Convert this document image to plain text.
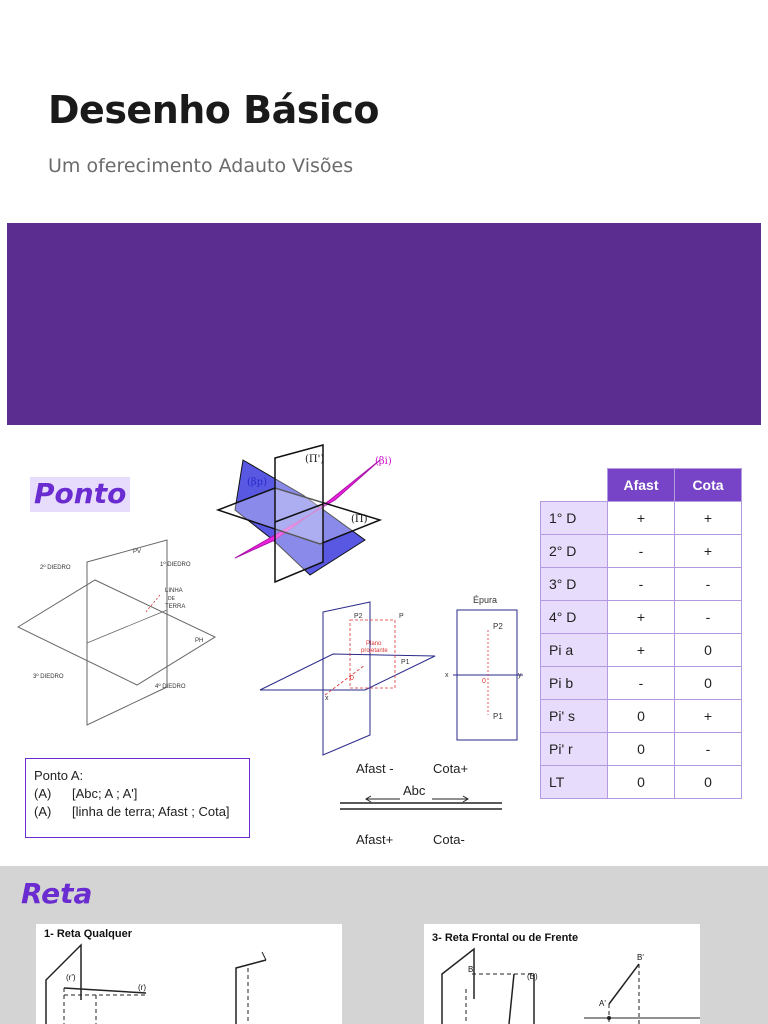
Desenho Básico
Um oferecimento Adauto Visões
Ponto
PV
1º DIEDRO
2º DIEDRO
LINHA
DE
TERRA
PH
3º DIEDRO
4º DIEDRO
(Π')
(βp)
(βi)
(Π)
P2	P
Plano
projetante
P1
0
x
Épura
x	y
P2
0
P1
Ponto A:
(A)	[Abc; A ; A']
(A)	[linha de terra; Afast ; Cota]
Afast -	Cota+
Abc
Afast+	Cota-
	Afast	Cota
1° D	+	+
2° D	-	+
3° D	-	-
4° D	+	-
Pi a	+	0
Pi b	-	0
Pi' s	0	+
Pi' r	0	-
LT	0	0
Reta
1- Reta Qualquer
(r')
(r)
3- Reta Frontal ou de Frente
B'
(B)
B'
A'
